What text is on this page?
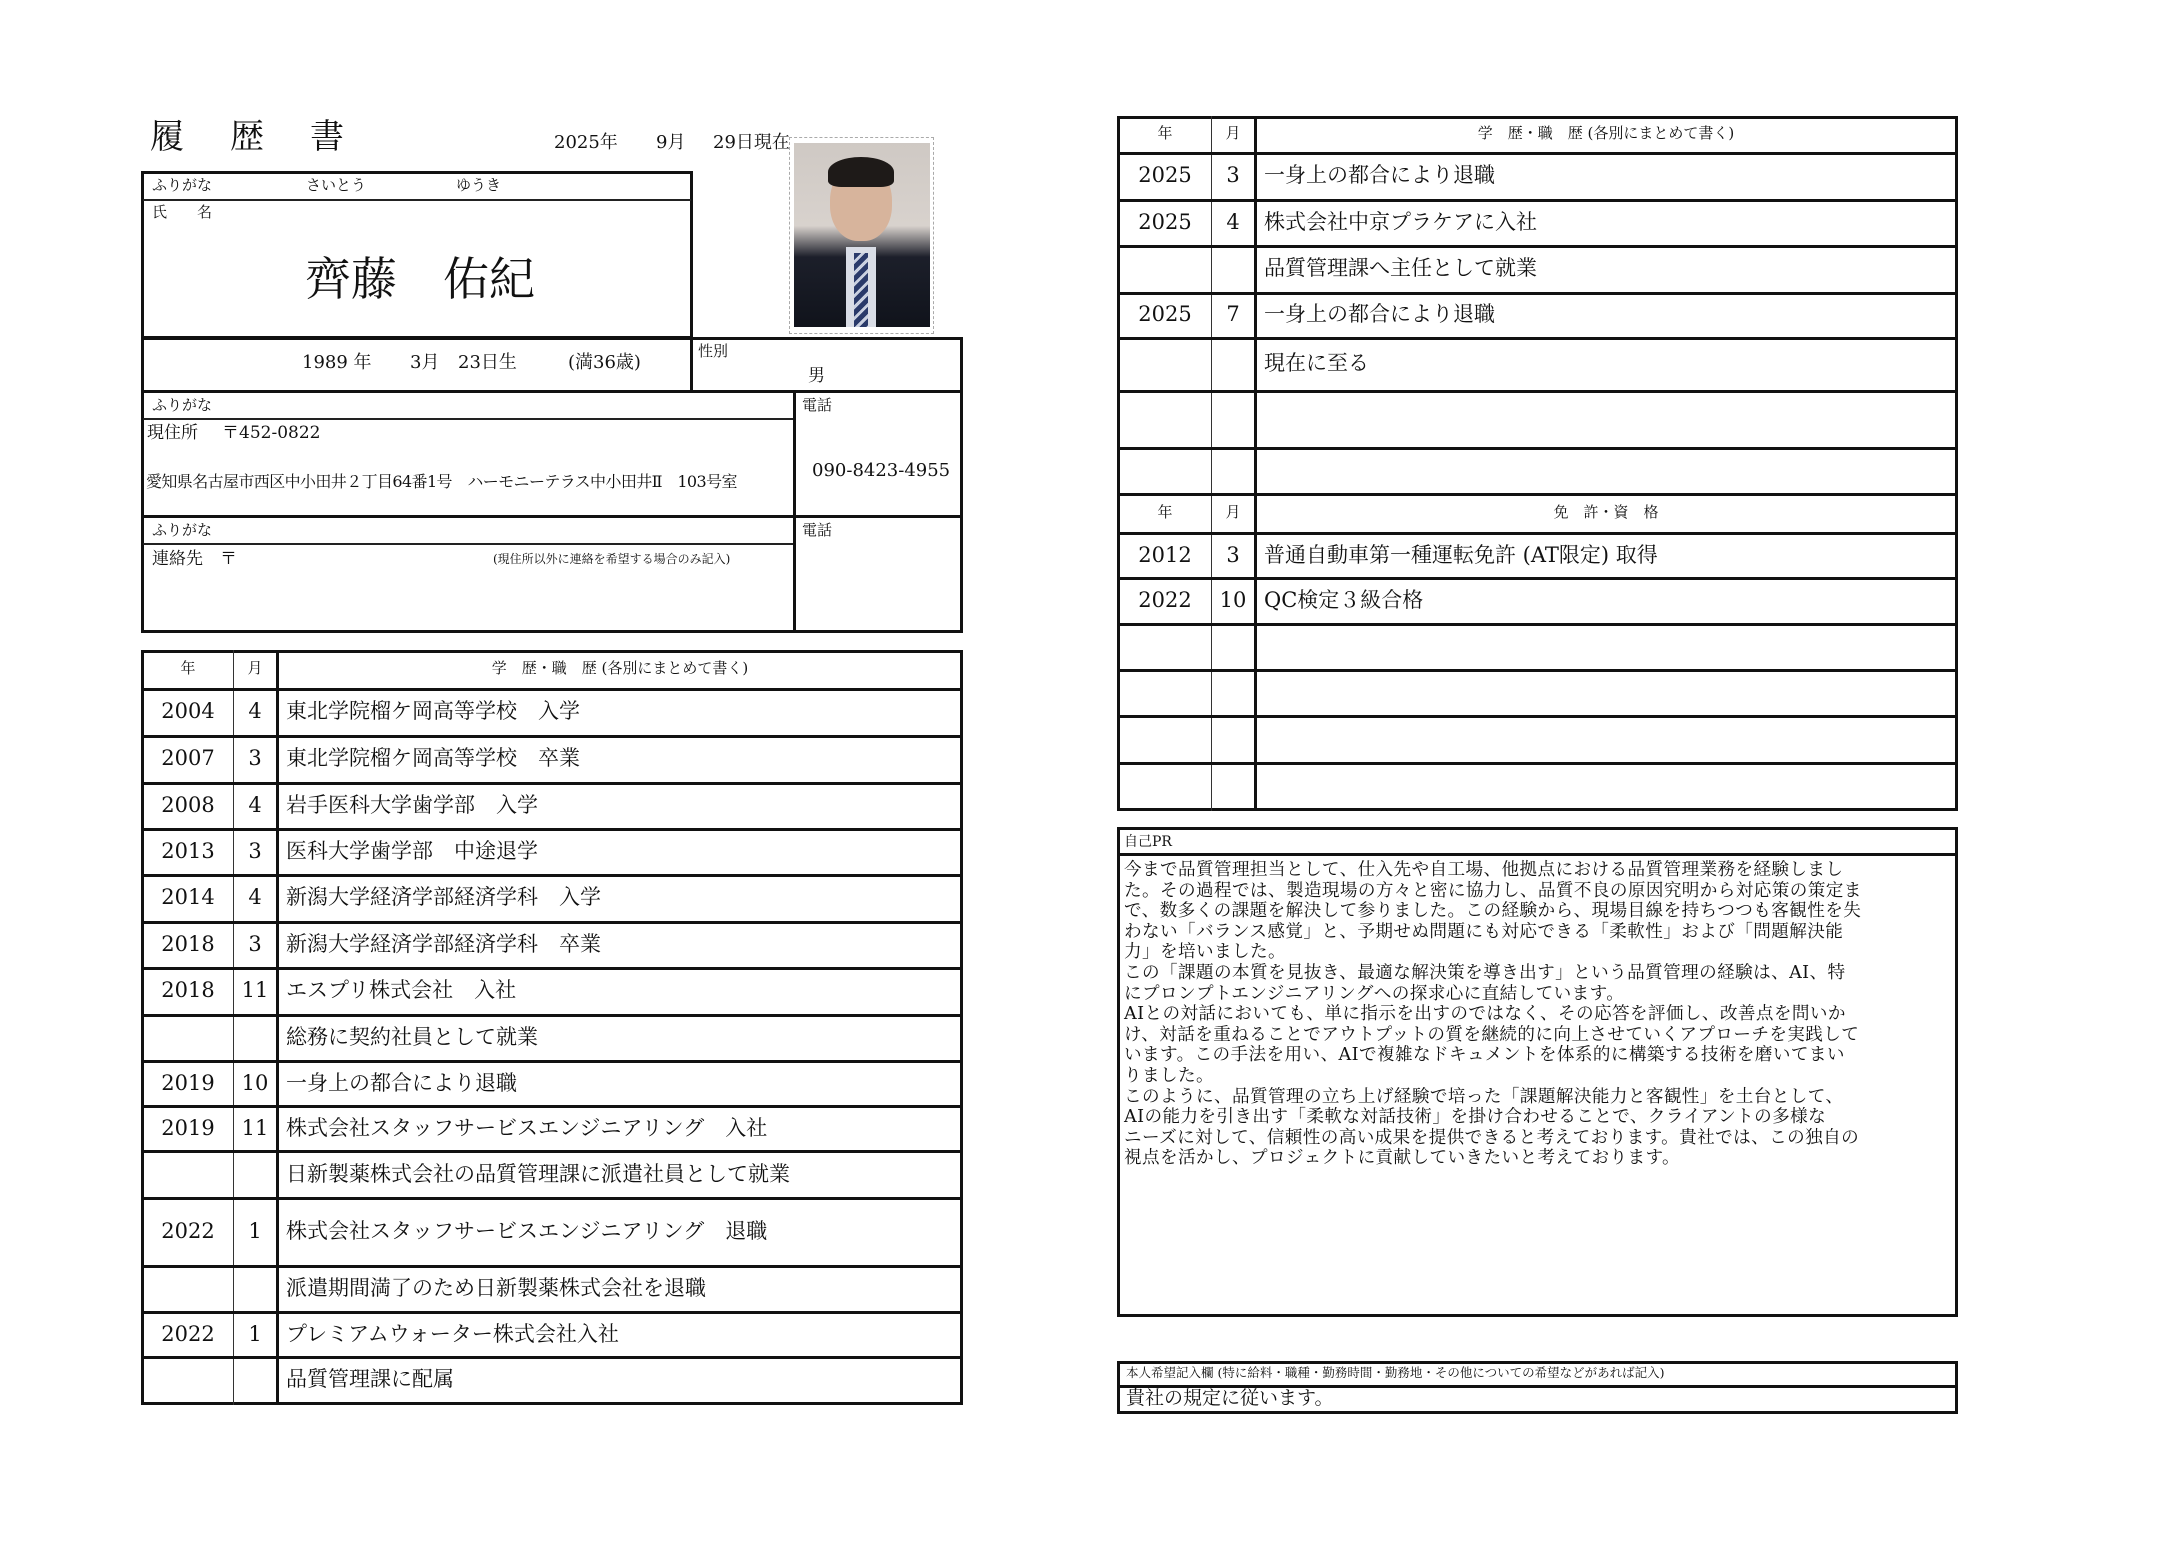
履　歴　書	2025年 9月 29日現在
ふりがな	さいとう	ゆうき
氏　　名
齊藤　佑紀
1989 年 3月 23日生	(満36歳)
性別
男
ふりがな
現住所 〒452-0822
愛知県名古屋市西区中小田井２丁目64番1号　ハーモニーテラス中小田井Ⅱ　103号室
電話
090-8423-4955
ふりがな
連絡先　〒	(現住所以外に連絡を希望する場合のみ記入)
電話
年	月	学　歴・職　歴 (各別にまとめて書く)
2004	4	東北学院榴ケ岡高等学校　入学
2007	3	東北学院榴ケ岡高等学校　卒業
2008	4	岩手医科大学歯学部　入学
2013	3	医科大学歯学部　中途退学
2014	4	新潟大学経済学部経済学科　入学
2018	3	新潟大学経済学部経済学科　卒業
2018	11 エスプリ株式会社　入社
総務に契約社員として就業
2019	10 一身上の都合により退職
2019	11 株式会社スタッフサービスエンジニアリング　入社
日新製薬株式会社の品質管理課に派遣社員として就業
2022	1	株式会社スタッフサービスエンジニアリング　退職
派遣期間満了のため日新製薬株式会社を退職
2022	1	プレミアムウォーター株式会社入社
品質管理課に配属
年	月	学　歴・職　歴 (各別にまとめて書く)
2025	3	一身上の都合により退職
2025	4	株式会社中京プラケアに入社
品質管理課へ主任として就業
2025	7	一身上の都合により退職
現在に至る
年	月	免　許・資　格
2012	3	普通自動車第一種運転免許 (AT限定) 取得
2022	10 QC検定３級合格
自己PR
今まで品質管理担当として、仕入先や自工場、他拠点における品質管理業務を経験しまし
た。その過程では、製造現場の方々と密に協力し、品質不良の原因究明から対応策の策定ま
で、数多くの課題を解決して参りました。この経験から、現場目線を持ちつつも客観性を失
わない「バランス感覚」と、予期せぬ問題にも対応できる「柔軟性」および「問題解決能
力」を培いました。
この「課題の本質を見抜き、最適な解決策を導き出す」という品質管理の経験は、AI、特
にプロンプトエンジニアリングへの探求心に直結しています。
AIとの対話においても、単に指示を出すのではなく、その応答を評価し、改善点を問いか
け、対話を重ねることでアウトプットの質を継続的に向上させていくアプローチを実践して
います。この手法を用い、AIで複雑なドキュメントを体系的に構築する技術を磨いてまい
りました。
このように、品質管理の立ち上げ経験で培った「課題解決能力と客観性」を土台として、
AIの能力を引き出す「柔軟な対話技術」を掛け合わせることで、クライアントの多様な
ニーズに対して、信頼性の高い成果を提供できると考えております。貴社では、この独自の
視点を活かし、プロジェクトに貢献していきたいと考えております。
本人希望記入欄 (特に給料・職種・勤務時間・勤務地・その他についての希望などがあれば記入)
貴社の規定に従います。
